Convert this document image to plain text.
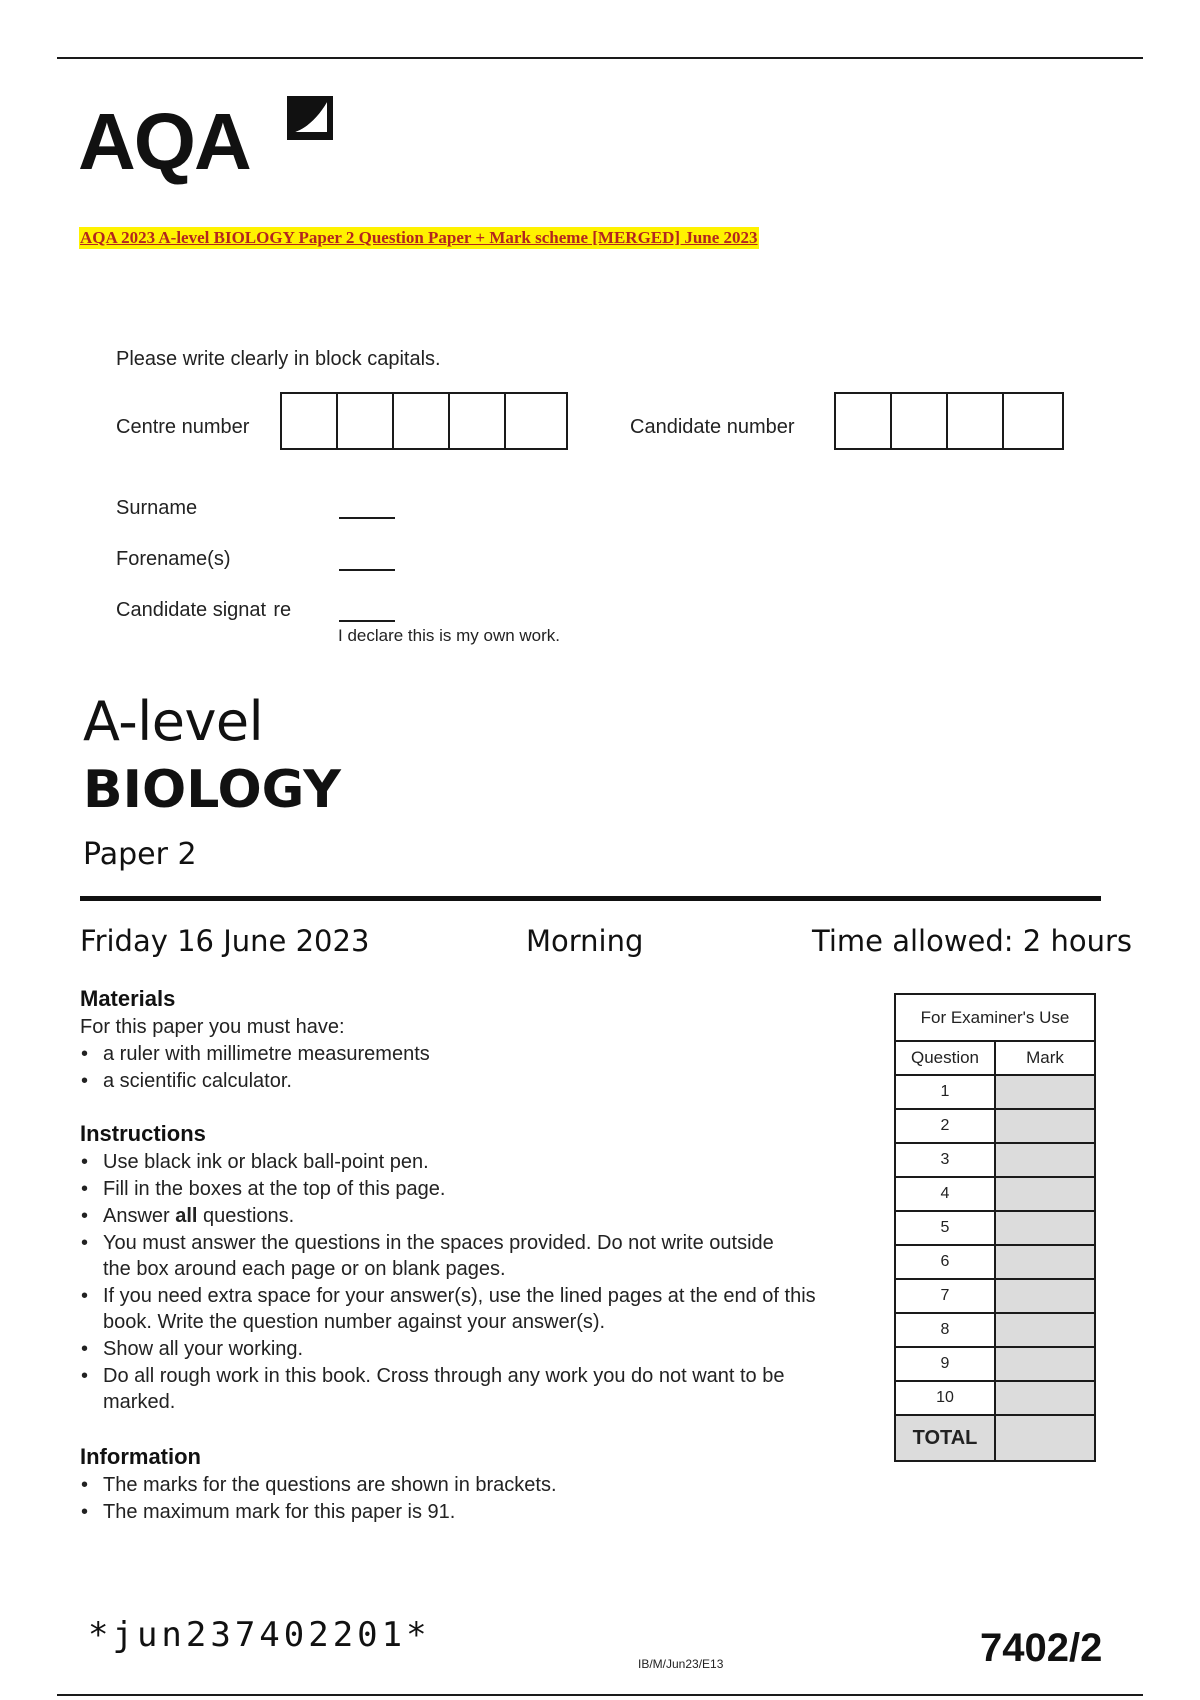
AQA
AQA 2023 A-level BIOLOGY Paper 2 Question Paper + Mark scheme [MERGED] June 2023
Please write clearly in block capitals.
Centre number	Candidate number
Surname
Forename(s)
Candidate signat  re
I declare this is my own work.
A-level
BIOLOGY
Paper 2
Friday 16 June 2023	Morning	Time allowed: 2 hours
Materials
For this paper you must have:
• a ruler with millimetre measurements
• a scientific calculator.
Instructions
• Use black ink or black ball-point pen.
• Fill in the boxes at the top of this page.
• Answer all questions.
• You must answer the questions in the spaces provided. Do not write outside the box around each page or on blank pages.
• If you need extra space for your answer(s), use the lined pages at the end of this book. Write the question number against your answer(s).
• Show all your working.
• Do all rough work in this book. Cross through any work you do not want to be marked.
Information
• The marks for the questions are shown in brackets.
• The maximum mark for this paper is 91.
For Examiner's Use
Question	Mark
1
2
3
4
5
6
7
8
9
10
TOTAL
*jun237402201*
IB/M/Jun23/E13	7402/2
